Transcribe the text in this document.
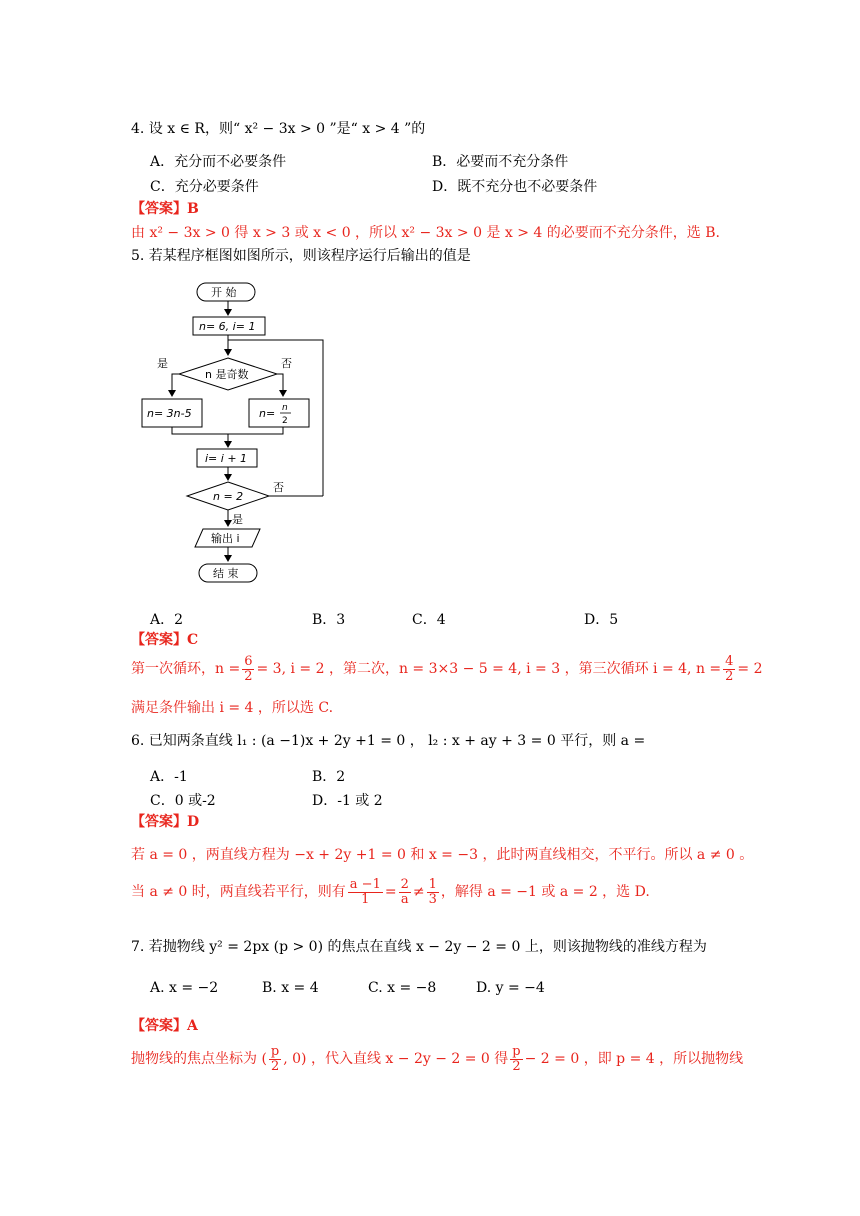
4. 设 x ∈ R，则“ x² − 3x > 0 ”是“ x > 4 ”的
A．充分而不必要条件	B．必要而不充分条件
C．充分必要条件	D．既不充分也不必要条件
【答案】B
由 x² − 3x > 0 得 x > 3 或 x < 0 ，所以 x² − 3x > 0 是 x > 4 的必要而不充分条件，选 B.
5. 若某程序框图如图所示，则该程序运行后输出的值是
开 始
n= 6, i= 1
n 是奇数
是	否
n= 3n-5	n= n
2
i= i + 1
n = 2
否
是
输出 i
结 束
A．2	B．3	C．4	D．5
【答案】C
第一次循环，$n = \frac{6}{2} = 3$, i = 2 ，第二次，n = 3×3 − 5 = 4, i = 3 ，第三次循环 i = 4, $n = \frac{4}{2} = 2$
满足条件输出 i = 4 ，所以选 C.
6. 已知两条直线 l₁ : (a −1)x + 2y +1 = 0 ， l₂ : x + ay + 3 = 0 平行，则 a =
A．-1	B．2
C．0 或-2	D．-1 或 2
【答案】D
若 a = 0 ，两直线方程为 −x + 2y +1 = 0 和 x = −3 ，此时两直线相交，不平行。所以 a ≠ 0 。
当 a ≠ 0 时，两直线若平行，则有 $\frac{a -1}{1} = \frac{2}{a} \ne \frac{1}{3}$ ，解得 a = −1 或 a = 2 ，选 D.
7. 若抛物线 y² = 2px (p > 0) 的焦点在直线 x − 2y − 2 = 0 上，则该抛物线的准线方程为
A. x = −2	B. x = 4	C. x = −8	D. y = −4
【答案】A
抛物线的焦点坐标为 ( $\frac{p}{2}$ , 0) ，代入直线 x − 2y − 2 = 0 得 $\frac{p}{2} - 2 = 0$ ，即 p = 4 ，所以抛物线
